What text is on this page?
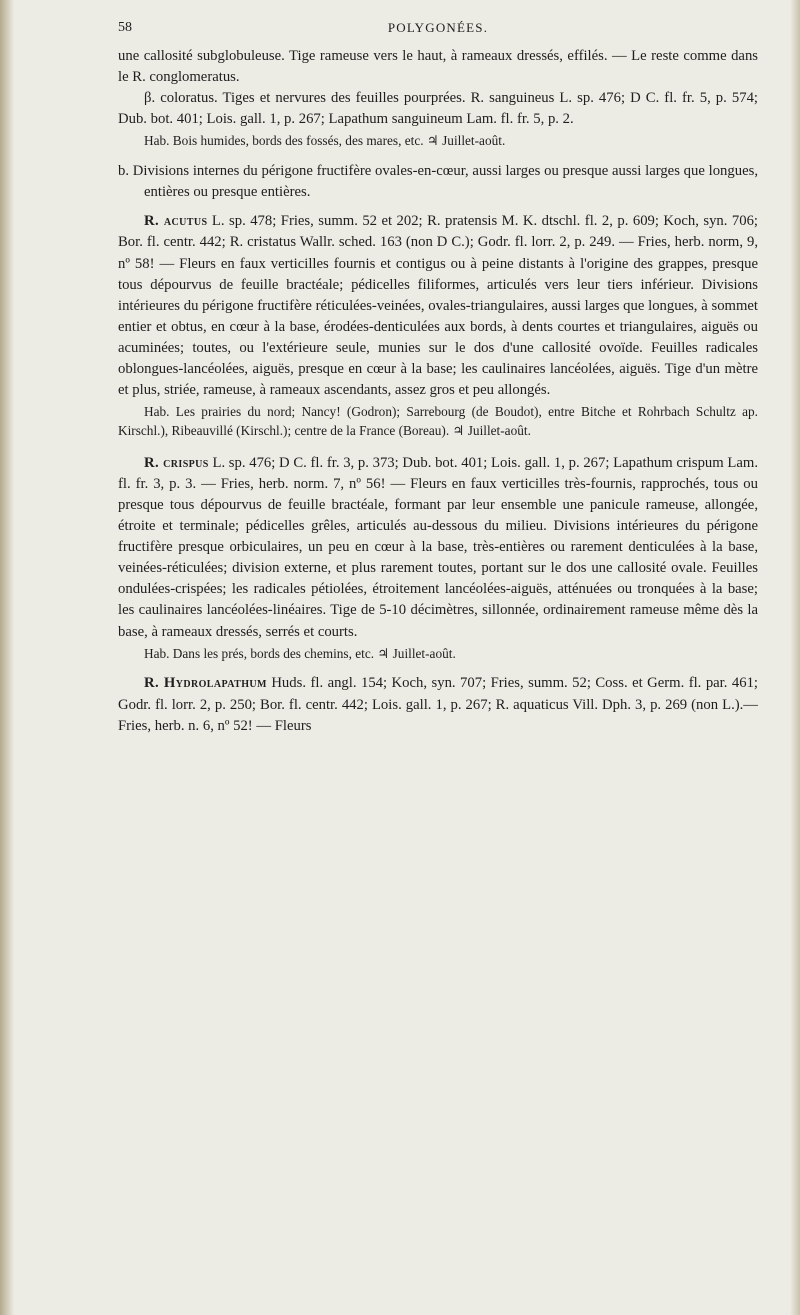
58	POLYGONÉES.

une callosité subglobuleuse. Tige rameuse vers le haut, à rameaux dressés, effilés. — Le reste comme dans le R. conglomeratus.

β. coloratus. Tiges et nervures des feuilles pourprées. R. sanguineus L. sp. 476; D C. fl. fr. 5, p. 574; Dub. bot. 401; Lois. gall. 1, p. 267; Lapathum sanguineum Lam. fl. fr. 5, p. 2.

Hab. Bois humides, bords des fossés, des mares, etc. ♃ Juillet-août.

b. Divisions internes du périgone fructifère ovales-en-cœur, aussi larges ou presque aussi larges que longues, entières ou presque entières.

R. acutus L. sp. 478; Fries, summ. 52 et 202; R. pratensis M. K. dtschl. fl. 2, p. 609; Koch, syn. 706; Bor. fl. centr. 442; R. cristatus Wallr. sched. 163 (non D C.); Godr. fl. lorr. 2, p. 249. — Fries, herb. norm, 9, nº 58! — Fleurs en faux verticilles fournis et contigus ou à peine distants à l'origine des grappes, presque tous dépourvus de feuille bractéale; pédicelles filiformes, articulés vers leur tiers inférieur. Divisions intérieures du périgone fructifère réticulées-veinées, ovales-triangulaires, aussi larges que longues, à sommet entier et obtus, en cœur à la base, érodées-denticulées aux bords, à dents courtes et triangulaires, aiguës ou acuminées; toutes, ou l'extérieure seule, munies sur le dos d'une callosité ovoïde. Feuilles radicales oblongues-lancéolées, aiguës, presque en cœur à la base; les caulinaires lancéolées, aiguës. Tige d'un mètre et plus, striée, rameuse, à rameaux ascendants, assez gros et peu allongés.

Hab. Les prairies du nord; Nancy! (Godron); Sarrebourg (de Boudot), entre Bitche et Rohrbach Schultz ap. Kirschl.), Ribeauvillé (Kirschl.); centre de la France (Boreau). ♃ Juillet-août.

R. crispus L. sp. 476; D C. fl. fr. 3, p. 373; Dub. bot. 401; Lois. gall. 1, p. 267; Lapathum crispum Lam. fl. fr. 3, p. 3. — Fries, herb. norm. 7, nº 56! — Fleurs en faux verticilles très-fournis, rapprochés, tous ou presque tous dépourvus de feuille bractéale, formant par leur ensemble une panicule rameuse, allongée, étroite et terminale; pédicelles grêles, articulés au-dessous du milieu. Divisions intérieures du périgone fructifère presque orbiculaires, un peu en cœur à la base, très-entières ou rarement denticulées à la base, veinées-réticulées; division externe, et plus rarement toutes, portant sur le dos une callosité ovale. Feuilles ondulées-crispées; les radicales pétiolées, étroitement lancéolées-aiguës, atténuées ou tronquées à la base; les caulinaires lancéolées-linéaires. Tige de 5-10 décimètres, sillonnée, ordinairement rameuse même dès la base, à rameaux dressés, serrés et courts.

Hab. Dans les prés, bords des chemins, etc. ♃ Juillet-août.

R. Hydrolapathum Huds. fl. angl. 154; Koch, syn. 707; Fries, summ. 52; Coss. et Germ. fl. par. 461; Godr. fl. lorr. 2, p. 250; Bor. fl. centr. 442; Lois. gall. 1, p. 267; R. aquaticus Vill. Dph. 3, p. 269 (non L.).— Fries, herb. n. 6, nº 52! — Fleurs
